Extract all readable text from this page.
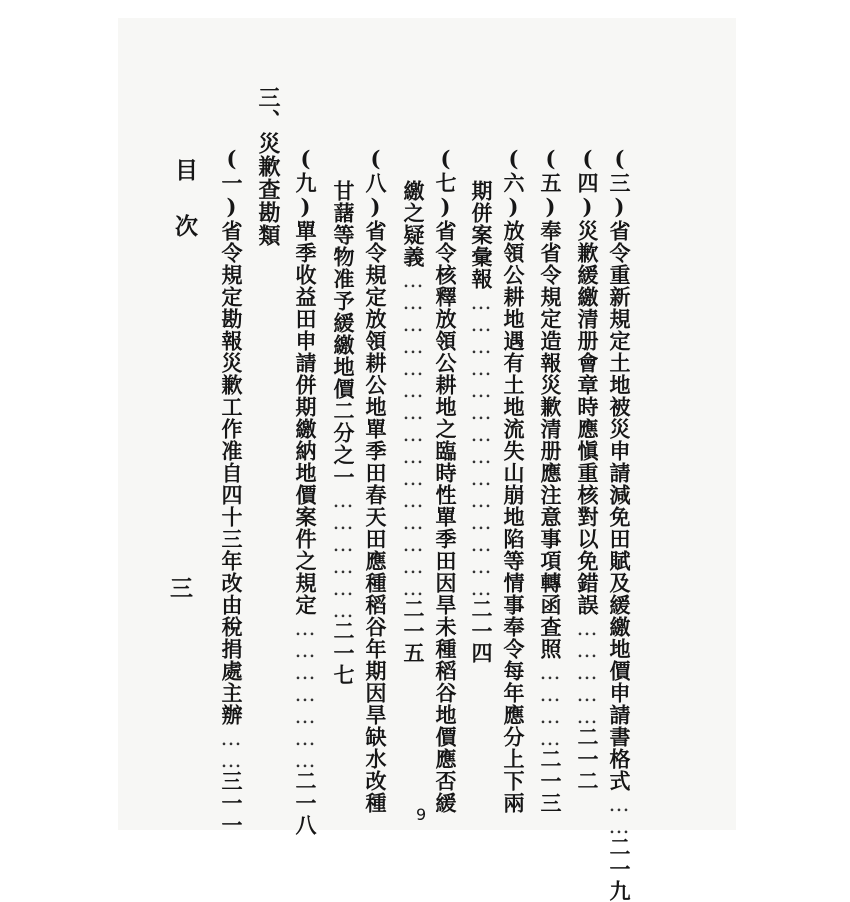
(三)省令重新規定土地被災申請減免田賦及緩繳地價申請書格式……二一九
(四)災歉緩繳清册會章時應愼重核對以免錯誤……………二一二
(五)奉省令規定造報災歉清册應注意事項轉函查照…………二一三
(六)放領公耕地遇有土地流失山崩地陷等情事奉令每年應分上下兩
期併案彙報……………………………………二一四
(七)省令核釋放領公耕地之臨時性單季田因旱未種稻谷地價應否緩
繳之疑義………………………………………二一五
(八)省令規定放領耕公地單季田春天田應種稻谷年期因旱缺水改種
甘藷等物准予緩繳地價二分之一………………二一七
(九)單季收益田申請併期繳納地價案件之規定…………………二一八
三、災歉查勘類
(一)省令規定勘報災歉工作准自四十三年改由稅捐處主辦……三一一
目
次
三
9
